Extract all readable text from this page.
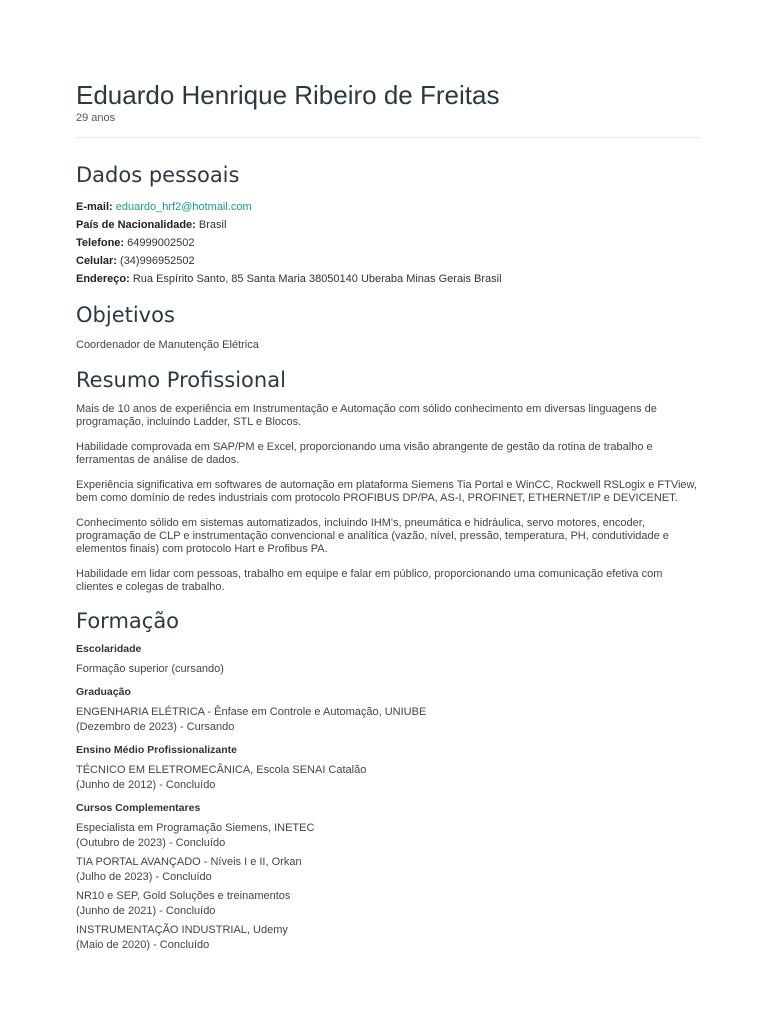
Eduardo Henrique Ribeiro de Freitas
29 anos
Dados pessoais
E-mail: eduardo_hrf2@hotmail.com
País de Nacionalidade: Brasil
Telefone: 64999002502
Celular: (34)996952502
Endereço: Rua Espírito Santo, 85 Santa Maria 38050140 Uberaba Minas Gerais Brasil
Objetivos

Coordenador de Manutenção Elétrica

Resumo Profissional

Mais de 10 anos de experiência em Instrumentação e Automação com sólido conhecimento em diversas linguagens de programação, incluindo Ladder, STL e Blocos.

Habilidade comprovada em SAP/PM e Excel, proporcionando uma visão abrangente de gestão da rotina de trabalho e ferramentas de análise de dados.

Experiência significativa em softwares de automação em plataforma Siemens Tia Portal e WinCC, Rockwell RSLogix e FTView, bem como domínio de redes industriais com protocolo PROFIBUS DP/PA, AS-I, PROFINET, ETHERNET/IP e DEVICENET.

Conhecimento sólido em sistemas automatizados, incluindo IHM's, pneumática e hidráulica, servo motores, encoder, programação de CLP e instrumentação convencional e analítica (vazão, nível, pressão, temperatura, PH, condutividade e elementos finais) com protocolo Hart e Profibus PA.

Habilidade em lidar com pessoas, trabalho em equipe e falar em público, proporcionando uma comunicação efetiva com clientes e colegas de trabalho.

Formação
Escolaridade
Formação superior (cursando)
Graduação
ENGENHARIA ELÉTRICA - Ênfase em Controle e Automação, UNIUBE
(Dezembro de 2023) - Cursando
Ensino Médio Profissionalizante
TÉCNICO EM ELETROMECÂNICA, Escola SENAI Catalão
(Junho de 2012) - Concluído
Cursos Complementares
Especialista em Programação Siemens, INETEC
(Outubro de 2023) - Concluído
TIA PORTAL AVANÇADO - Níveis I e II, Orkan
(Julho de 2023) - Concluído
NR10 e SEP, Gold Soluções e treinamentos
(Junho de 2021) - Concluído
INSTRUMENTAÇÃO INDUSTRIAL, Udemy
(Maio de 2020) - Concluído
